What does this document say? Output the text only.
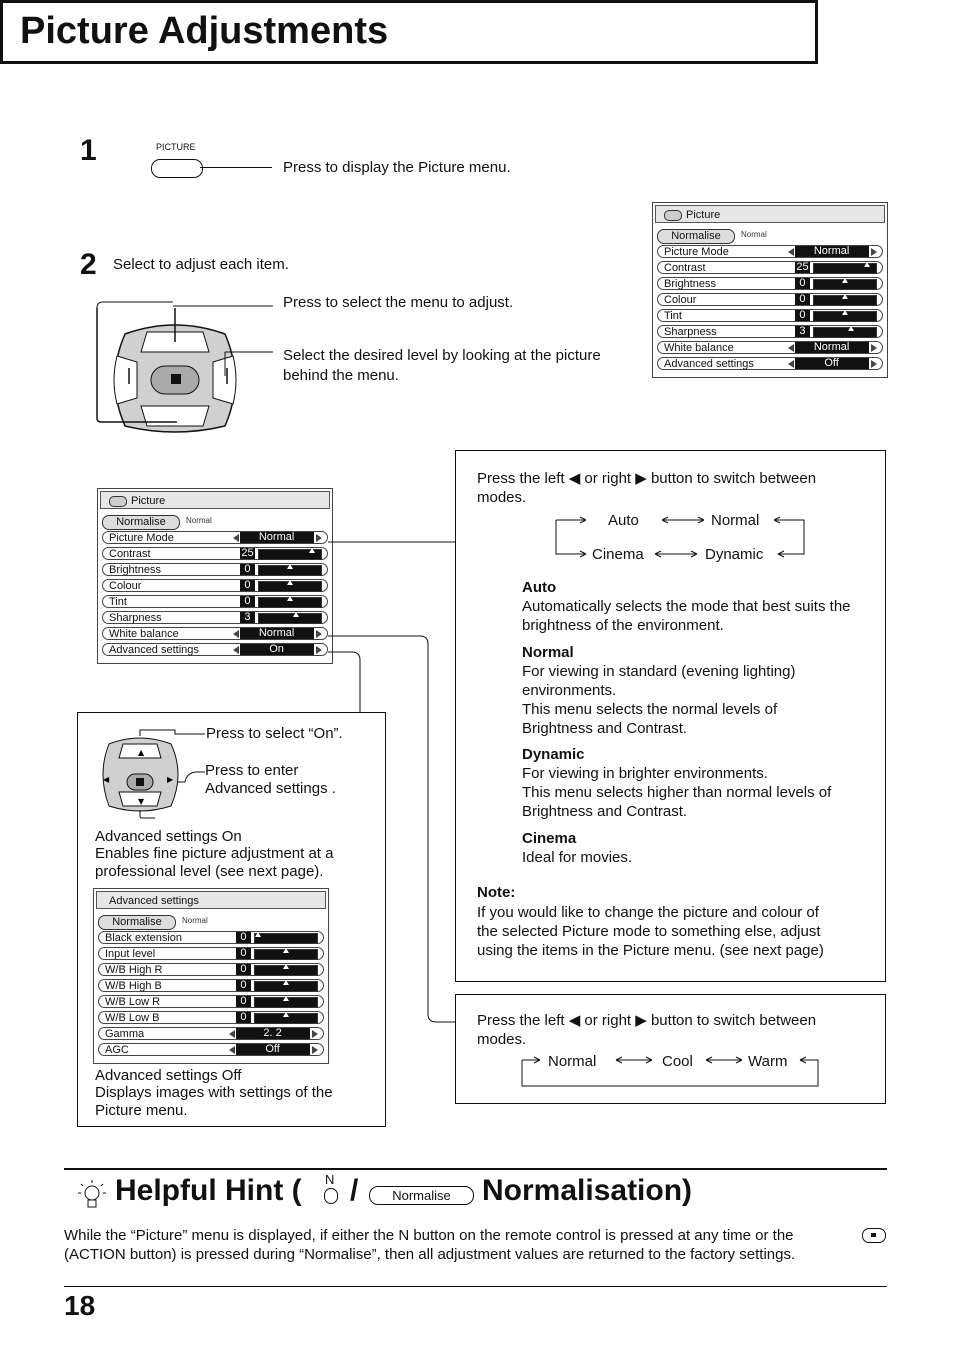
Picture Adjustments
1	PICTURE
Press to display the Picture menu.
2 Select to adjust each item.
Press to select the menu to adjust.
Select the desired level by looking at the picture
behind the menu.
Picture
Normalise	Normal
Picture Mode	Normal
Contrast	25
Brightness	0
Colour	0
Tint	0
Sharpness	3
White balance	Normal
Advanced settings	Off
Picture
Normalise	Normal
Picture Mode	Normal
Contrast	25
Brightness	0
Colour	0
Tint	0
Sharpness	3
White balance	Normal
Advanced settings	On
▲
▼
◀	▶
Press to select “On”.
Press to enter
Advanced settings .
Advanced settings On
Enables fine picture adjustment at a
professional level (see next page).
Advanced settings
Normalise	Normal
Black extension	0
Input level	0
W/B High R	0
W/B High B	0
W/B Low R	0
W/B Low B	0
Gamma	2. 2
AGC	Off
Advanced settings Off
Displays images with settings of the
Picture menu.
Press the left ◀ or right ▶ button to switch between
modes.
Auto	Normal
Cinema	Dynamic
Auto
Automatically selects the mode that best suits the
brightness of the environment.
Normal
For viewing in standard (evening lighting)
environments.
This menu selects the normal levels of
Brightness and Contrast.
Dynamic
For viewing in brighter environments.
This menu selects higher than normal levels of
Brightness and Contrast.
Cinema
Ideal for movies.
Note:
If you would like to change the picture and colour of
the selected Picture mode to something else, adjust
using the items in the Picture menu. (see next page)
Press the left ◀ or right ▶ button to switch between
modes.
Normal	Cool	Warm
Helpful Hint ( N /	Normalise	Normalisation)
While the “Picture” menu is displayed, if either the N button on the remote control is pressed at any time or the
(ACTION button) is pressed during “Normalise”, then all adjustment values are returned to the factory settings.
18
